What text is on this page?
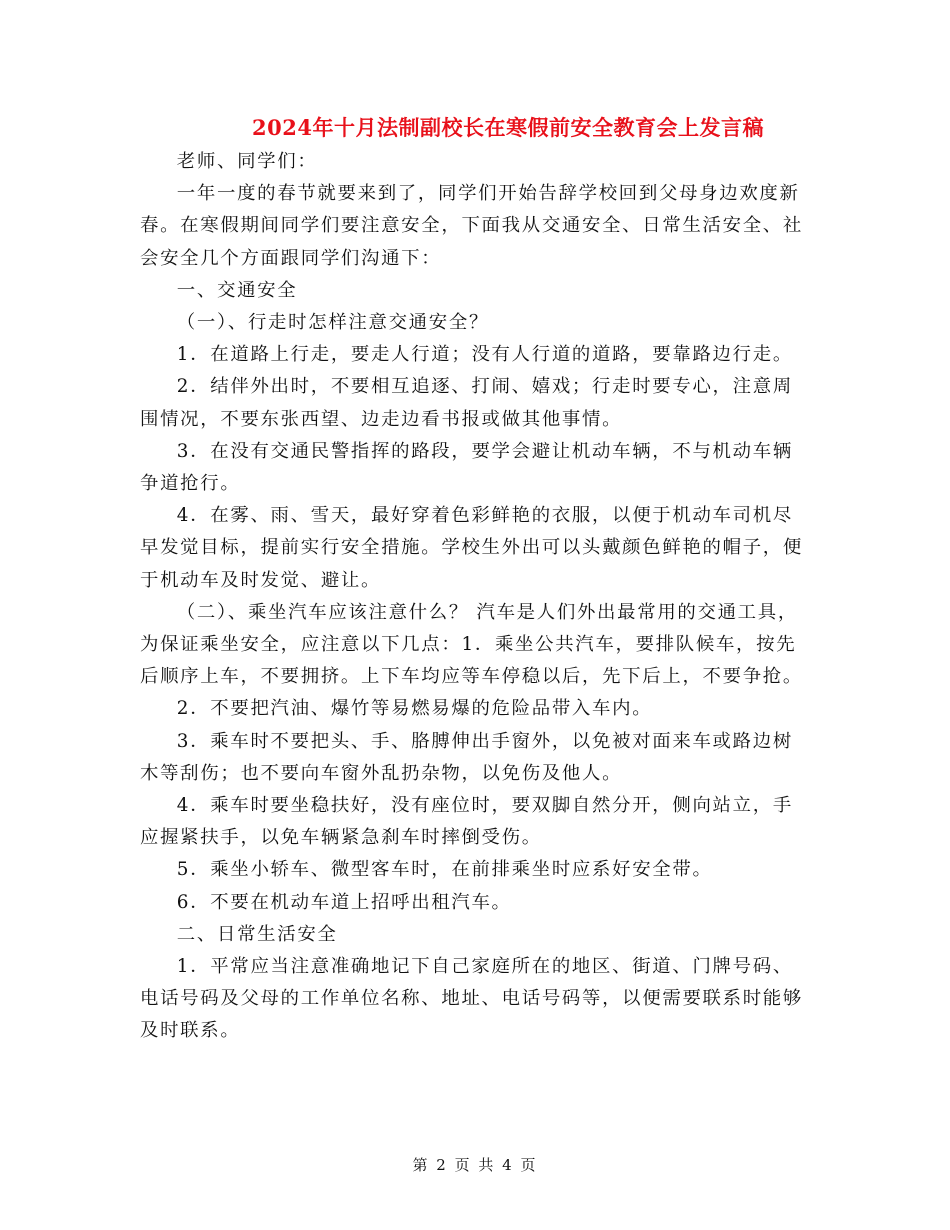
2024年十月法制副校长在寒假前安全教育会上发言稿

老师、同学们：

一年一度的春节就要来到了，同学们开始告辞学校回到父母身边欢度新春。在寒假期间同学们要注意安全，下面我从交通安全、日常生活安全、社会安全几个方面跟同学们沟通下：

一、交通安全

（一）、行走时怎样注意交通安全？

1．在道路上行走，要走人行道；没有人行道的道路，要靠路边行走。

2．结伴外出时，不要相互追逐、打闹、嬉戏；行走时要专心，注意周围情况，不要东张西望、边走边看书报或做其他事情。

3．在没有交通民警指挥的路段，要学会避让机动车辆，不与机动车辆争道抢行。

4．在雾、雨、雪天，最好穿着色彩鲜艳的衣服，以便于机动车司机尽早发觉目标，提前实行安全措施。学校生外出可以头戴颜色鲜艳的帽子，便于机动车及时发觉、避让。

（二）、乘坐汽车应该注意什么？ 汽车是人们外出最常用的交通工具，为保证乘坐安全，应注意以下几点：1．乘坐公共汽车，要排队候车，按先后顺序上车，不要拥挤。上下车均应等车停稳以后，先下后上，不要争抢。

2．不要把汽油、爆竹等易燃易爆的危险品带入车内。

3．乘车时不要把头、手、胳膊伸出手窗外，以免被对面来车或路边树木等刮伤；也不要向车窗外乱扔杂物，以免伤及他人。

4．乘车时要坐稳扶好，没有座位时，要双脚自然分开，侧向站立，手应握紧扶手，以免车辆紧急刹车时摔倒受伤。

5．乘坐小轿车、微型客车时，在前排乘坐时应系好安全带。

6．不要在机动车道上招呼出租汽车。

二、日常生活安全

1．平常应当注意准确地记下自己家庭所在的地区、街道、门牌号码、电话号码及父母的工作单位名称、地址、电话号码等，以便需要联系时能够及时联系。

第 2 页 共 4 页
